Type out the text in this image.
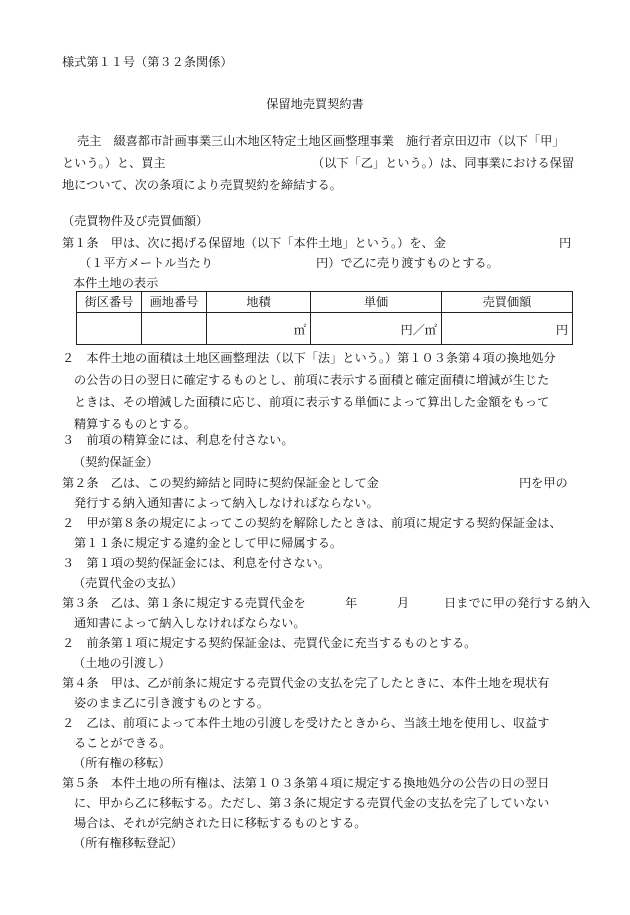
様式第１１号（第３２条関係）
保留地売買契約書
売主　綴喜都市計画事業三山木地区特定土地区画整理事業　施行者京田辺市（以下「甲」
という。）と、買主	（以下「乙」という。）は、同事業における保留
地について、次の条項により売買契約を締結する。
（売買物件及び売買価額）
第１条　甲は、次に掲げる保留地（以下「本件土地」という。）を、金	円
（１平方メートル当たり	円）で乙に売り渡すものとする。
本件土地の表示
街区番号	画地番号	地積	単価	売買価額
		㎡	円／㎡	円
２　本件土地の面積は土地区画整理法（以下「法」という。）第１０３条第４項の換地処分
の公告の日の翌日に確定するものとし、前項に表示する面積と確定面積に増減が生じた
ときは、その増減した面積に応じ、前項に表示する単価によって算出した金額をもって
精算するものとする。
３　前項の精算金には、利息を付さない。
（契約保証金）
第２条　乙は、この契約締結と同時に契約保証金として金	円を甲の
発行する納入通知書によって納入しなければならない。
２　甲が第８条の規定によってこの契約を解除したときは、前項に規定する契約保証金は、
第１１条に規定する違約金として甲に帰属する。
３　第１項の契約保証金には、利息を付さない。
（売買代金の支払）
第３条　乙は、第１条に規定する売買代金を	年	月	日までに甲の発行する納入
通知書によって納入しなければならない。
２　前条第１項に規定する契約保証金は、売買代金に充当するものとする。
（土地の引渡し）
第４条　甲は、乙が前条に規定する売買代金の支払を完了したときに、本件土地を現状有
姿のまま乙に引き渡すものとする。
２　乙は、前項によって本件土地の引渡しを受けたときから、当該土地を使用し、収益す
ることができる。
（所有権の移転）
第５条　本件土地の所有権は、法第１０３条第４項に規定する換地処分の公告の日の翌日
に、甲から乙に移転する。ただし、第３条に規定する売買代金の支払を完了していない
場合は、それが完納された日に移転するものとする。
（所有権移転登記）
